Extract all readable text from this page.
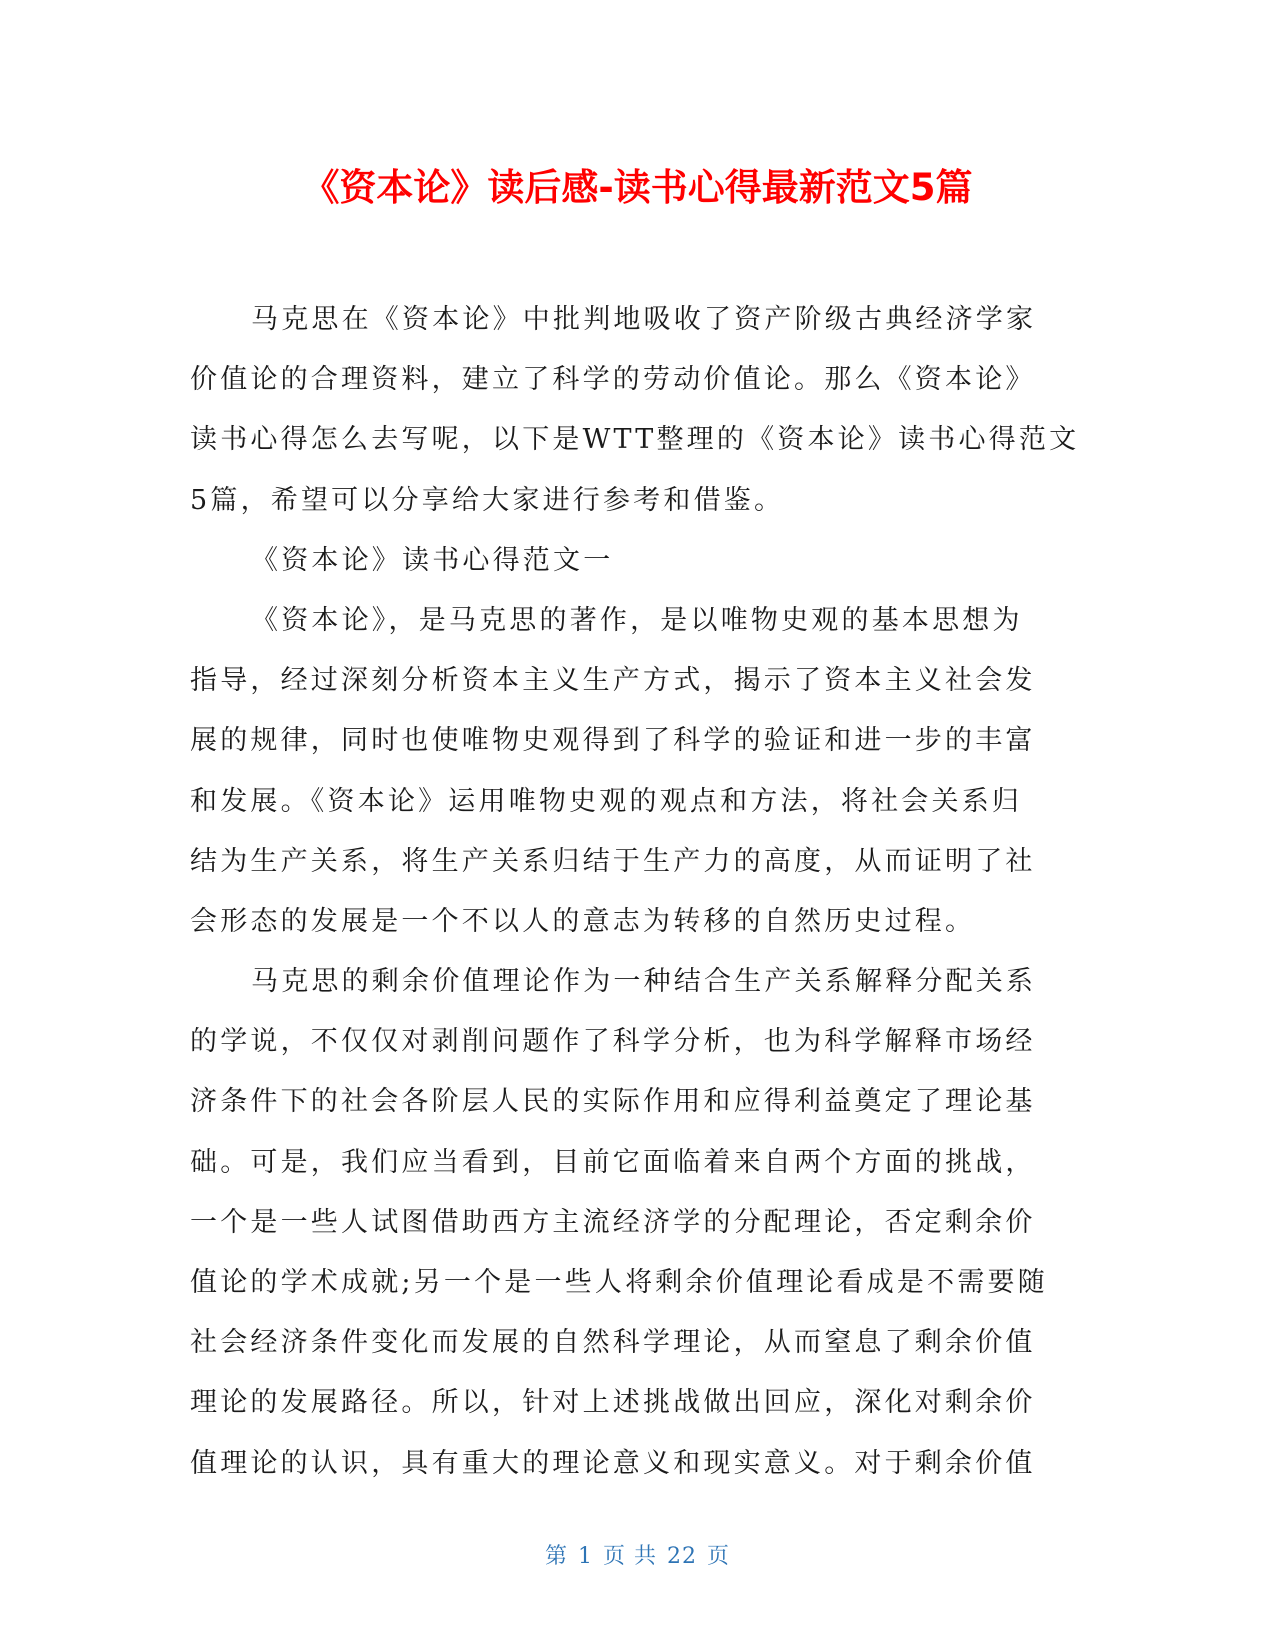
《资本论》读后感-读书心得最新范文5篇
马克思在《资本论》中批判地吸收了资产阶级古典经济学家
价值论的合理资料，建立了科学的劳动价值论。那么《资本论》
读书心得怎么去写呢，以下是WTT整理的《资本论》读书心得范文
5篇，希望可以分享给大家进行参考和借鉴。
《资本论》读书心得范文一
《资本论》，是马克思的著作，是以唯物史观的基本思想为
指导，经过深刻分析资本主义生产方式，揭示了资本主义社会发
展的规律，同时也使唯物史观得到了科学的验证和进一步的丰富
和发展。《资本论》运用唯物史观的观点和方法，将社会关系归
结为生产关系，将生产关系归结于生产力的高度，从而证明了社
会形态的发展是一个不以人的意志为转移的自然历史过程。
马克思的剩余价值理论作为一种结合生产关系解释分配关系
的学说，不仅仅对剥削问题作了科学分析，也为科学解释市场经
济条件下的社会各阶层人民的实际作用和应得利益奠定了理论基
础。可是，我们应当看到，目前它面临着来自两个方面的挑战，
一个是一些人试图借助西方主流经济学的分配理论，否定剩余价
值论的学术成就;另一个是一些人将剩余价值理论看成是不需要随
社会经济条件变化而发展的自然科学理论，从而窒息了剩余价值
理论的发展路径。所以，针对上述挑战做出回应，深化对剩余价
值理论的认识，具有重大的理论意义和现实意义。对于剩余价值
第 1 页 共 22 页
